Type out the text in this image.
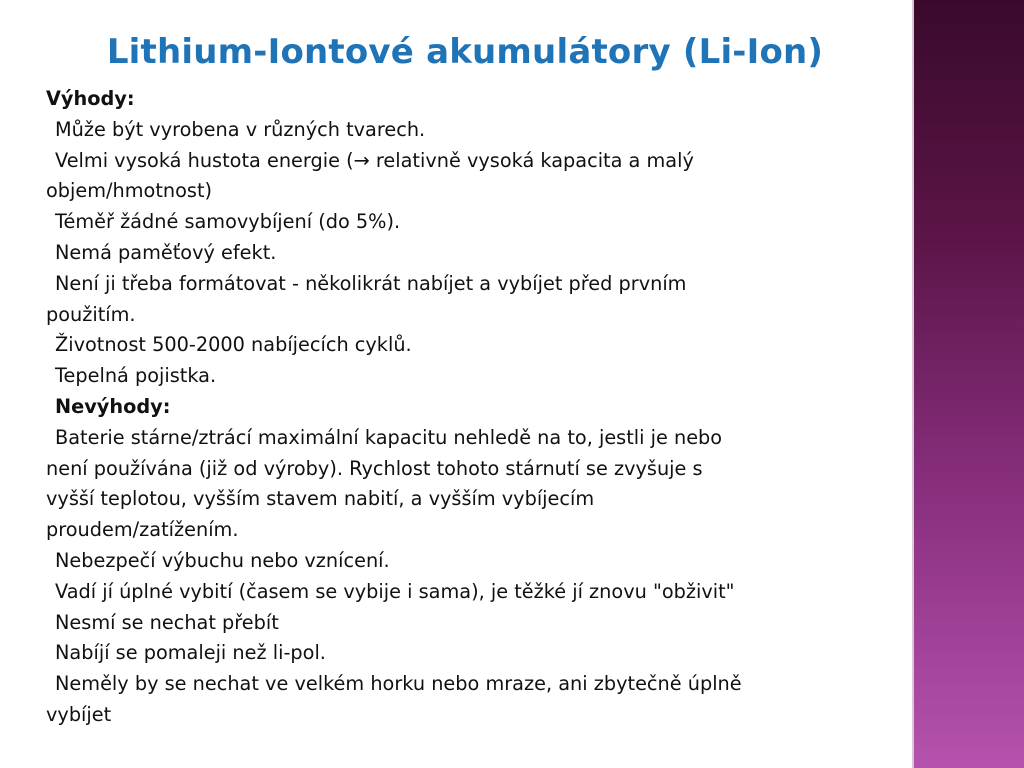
Lithium-Iontové akumulátory (Li-Ion)
Výhody:
Může být vyrobena v různých tvarech.
Velmi vysoká hustota energie (→ relativně vysoká kapacita a malý
objem/hmotnost)
Téměř žádné samovybíjení (do 5%).
Nemá paměťový efekt.
Není ji třeba formátovat - několikrát nabíjet a vybíjet před prvním
použitím.
Životnost 500-2000 nabíjecích cyklů.
Tepelná pojistka.
Nevýhody:
Baterie stárne/ztrácí maximální kapacitu nehledě na to, jestli je nebo
není používána (již od výroby). Rychlost tohoto stárnutí se zvyšuje s
vyšší teplotou, vyšším stavem nabití, a vyšším vybíjecím
proudem/zatížením.
Nebezpečí výbuchu nebo vznícení.
Vadí jí úplné vybití (časem se vybije i sama), je těžké jí znovu "obživit"
Nesmí se nechat přebít
Nabíjí se pomaleji než li-pol.
Neměly by se nechat ve velkém horku nebo mraze, ani zbytečně úplně
vybíjet
